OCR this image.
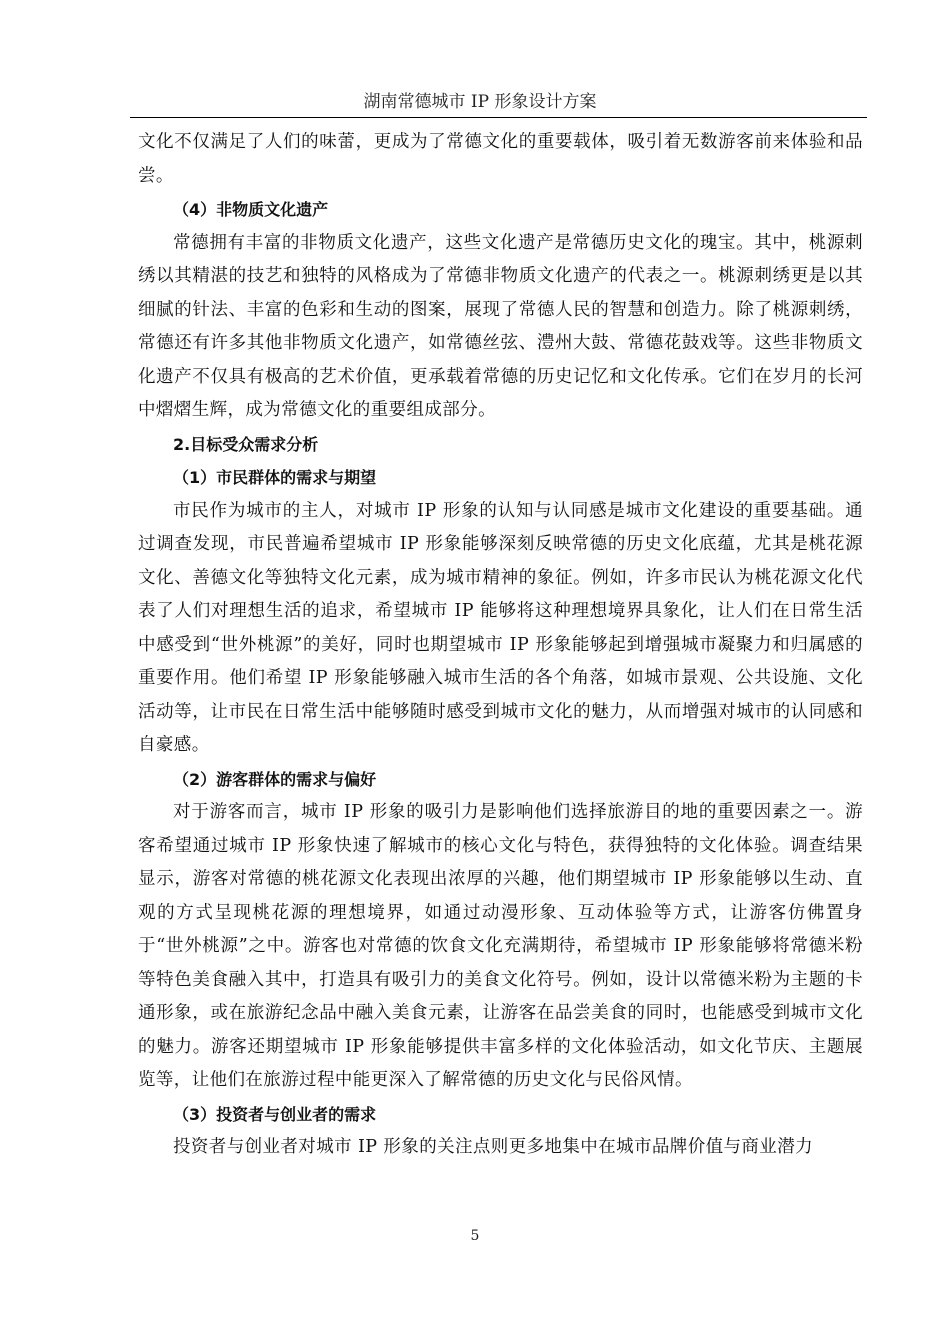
湖南常德城市 IP 形象设计方案

文化不仅满足了人们的味蕾，更成为了常德文化的重要载体，吸引着无数游客前来体验和品尝。

（4）非物质文化遗产

常德拥有丰富的非物质文化遗产，这些文化遗产是常德历史文化的瑰宝。其中，桃源刺绣以其精湛的技艺和独特的风格成为了常德非物质文化遗产的代表之一。桃源刺绣更是以其细腻的针法、丰富的色彩和生动的图案，展现了常德人民的智慧和创造力。除了桃源刺绣，常德还有许多其他非物质文化遗产，如常德丝弦、澧州大鼓、常德花鼓戏等。这些非物质文化遗产不仅具有极高的艺术价值，更承载着常德的历史记忆和文化传承。它们在岁月的长河中熠熠生辉，成为常德文化的重要组成部分。

2.目标受众需求分析

（1）市民群体的需求与期望

市民作为城市的主人，对城市 IP 形象的认知与认同感是城市文化建设的重要基础。通过调查发现，市民普遍希望城市 IP 形象能够深刻反映常德的历史文化底蕴，尤其是桃花源文化、善德文化等独特文化元素，成为城市精神的象征。例如，许多市民认为桃花源文化代表了人们对理想生活的追求，希望城市 IP 能够将这种理想境界具象化，让人们在日常生活中感受到“世外桃源”的美好，同时也期望城市 IP 形象能够起到增强城市凝聚力和归属感的重要作用。他们希望 IP 形象能够融入城市生活的各个角落，如城市景观、公共设施、文化活动等，让市民在日常生活中能够随时感受到城市文化的魅力，从而增强对城市的认同感和自豪感。

（2）游客群体的需求与偏好

对于游客而言，城市 IP 形象的吸引力是影响他们选择旅游目的地的重要因素之一。游客希望通过城市 IP 形象快速了解城市的核心文化与特色，获得独特的文化体验。调查结果显示，游客对常德的桃花源文化表现出浓厚的兴趣，他们期望城市 IP 形象能够以生动、直观的方式呈现桃花源的理想境界，如通过动漫形象、互动体验等方式，让游客仿佛置身于“世外桃源”之中。游客也对常德的饮食文化充满期待，希望城市 IP 形象能够将常德米粉等特色美食融入其中，打造具有吸引力的美食文化符号。例如，设计以常德米粉为主题的卡通形象，或在旅游纪念品中融入美食元素，让游客在品尝美食的同时，也能感受到城市文化的魅力。游客还期望城市 IP 形象能够提供丰富多样的文化体验活动，如文化节庆、主题展览等，让他们在旅游过程中能更深入了解常德的历史文化与民俗风情。

（3）投资者与创业者的需求

投资者与创业者对城市 IP 形象的关注点则更多地集中在城市品牌价值与商业潜力

5
